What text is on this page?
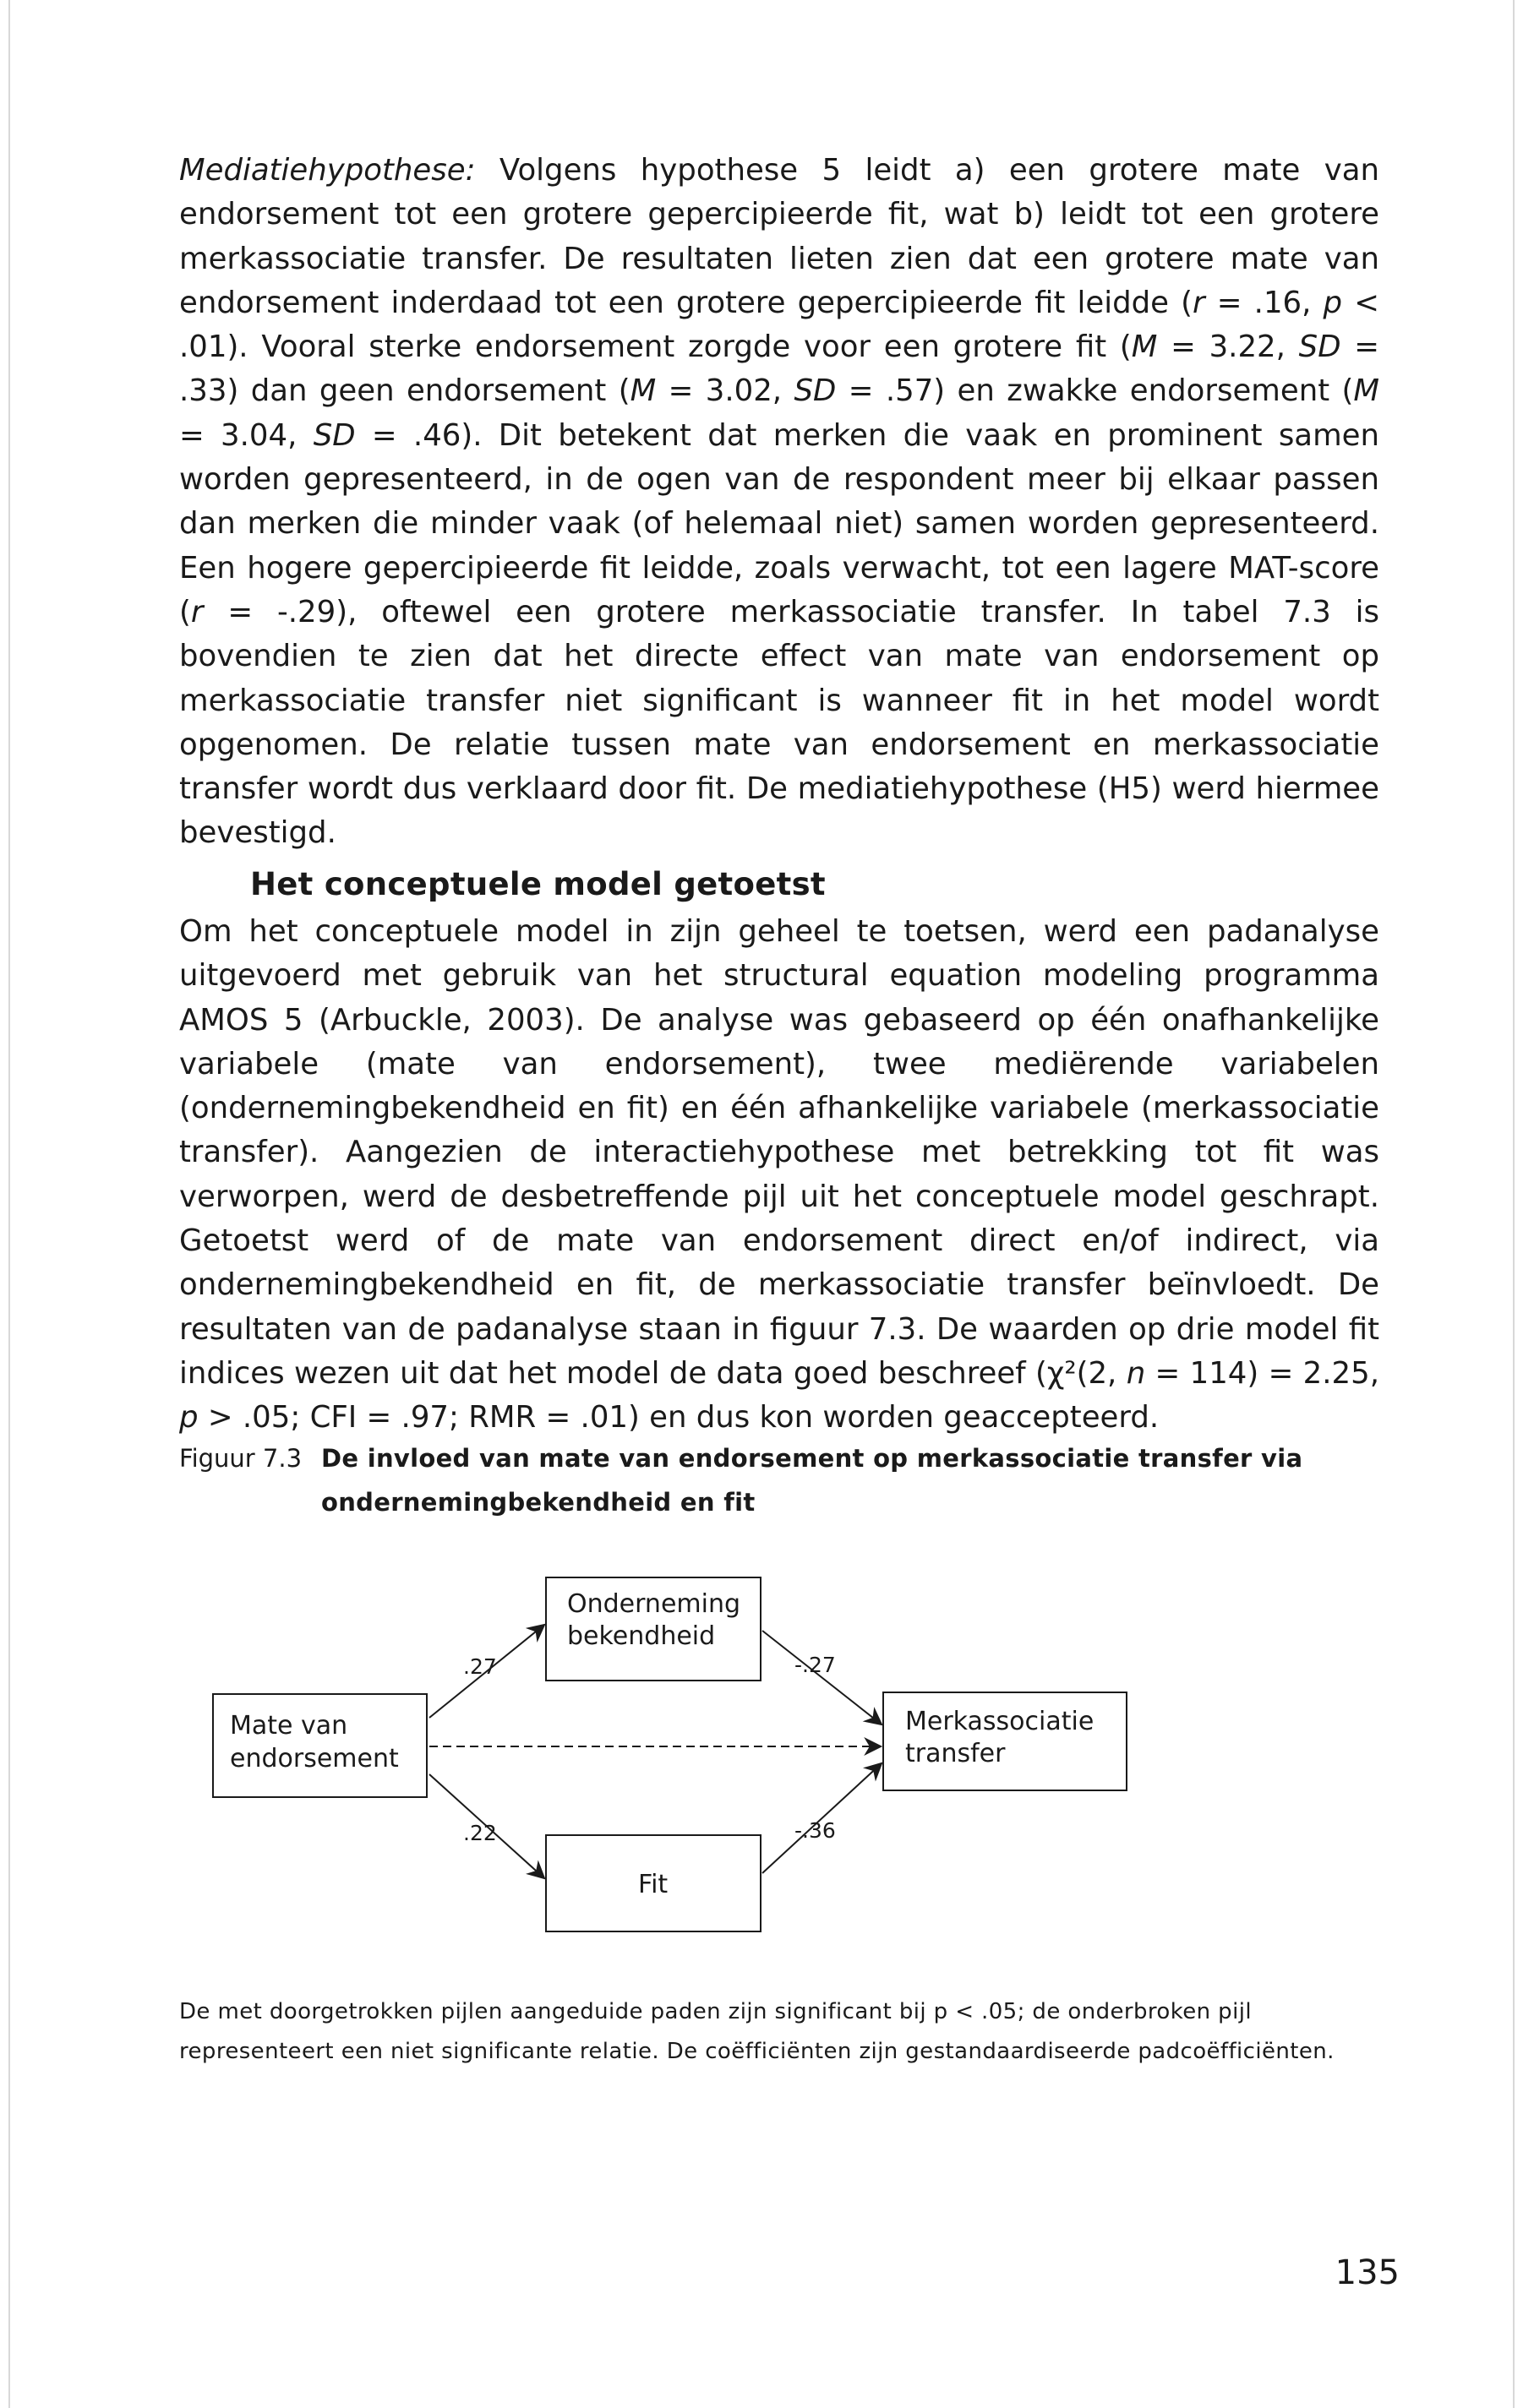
Mediatiehypothese: Volgens hypothese 5 leidt a) een grotere mate van endorsement tot een grotere gepercipieerde fit, wat b) leidt tot een grotere merkassociatie transfer. De resultaten lieten zien dat een grotere mate van endorsement inderdaad tot een grotere gepercipieerde fit leidde (r = .16, p < .01). Vooral sterke endorsement zorgde voor een grotere fit (M = 3.22, SD = .33) dan geen endorsement (M = 3.02, SD = .57) en zwakke endorsement (M = 3.04, SD = .46). Dit betekent dat merken die vaak en prominent samen worden gepresenteerd, in de ogen van de respondent meer bij elkaar passen dan merken die minder vaak (of helemaal niet) samen worden gepresenteerd. Een hogere gepercipieerde fit leidde, zoals verwacht, tot een lagere MAT-score (r = -.29), oftewel een grotere merkassociatie transfer. In tabel 7.3 is bovendien te zien dat het directe effect van mate van endorsement op merkassociatie transfer niet significant is wanneer fit in het model wordt opgenomen. De relatie tussen mate van endorsement en merkassociatie transfer wordt dus verklaard door fit. De mediatiehypothese (H5) werd hiermee bevestigd.
Het conceptuele model getoetst
Om het conceptuele model in zijn geheel te toetsen, werd een padanalyse uitgevoerd met gebruik van het structural equation modeling programma AMOS 5 (Arbuckle, 2003). De analyse was gebaseerd op één onafhankelijke variabele (mate van endorsement), twee mediërende variabelen (ondernemingbekendheid en fit) en één afhankelijke variabele (merkassociatie transfer). Aangezien de interactiehypothese met betrekking tot fit was verworpen, werd de desbetreffende pijl uit het conceptuele model geschrapt. Getoetst werd of de mate van endorsement direct en/of indirect, via ondernemingbekendheid en fit, de merkassociatie transfer beïnvloedt. De resultaten van de padanalyse staan in figuur 7.3. De waarden op drie model fit indices wezen uit dat het model de data goed beschreef (χ²(2, n = 114) = 2.25, p > .05; CFI = .97; RMR = .01) en dus kon worden geaccepteerd.
Figuur 7.3 De invloed van mate van endorsement op merkassociatie transfer via ondernemingbekendheid en fit
Mate van
endorsement
Onderneming
bekendheid
Fit
Merkassociatie
transfer
.27	-.27
.22	-.36
De met doorgetrokken pijlen aangeduide paden zijn significant bij p < .05; de onderbroken pijl representeert een niet significante relatie. De coëfficiënten zijn gestandaardiseerde padcoëfficiënten.
135
